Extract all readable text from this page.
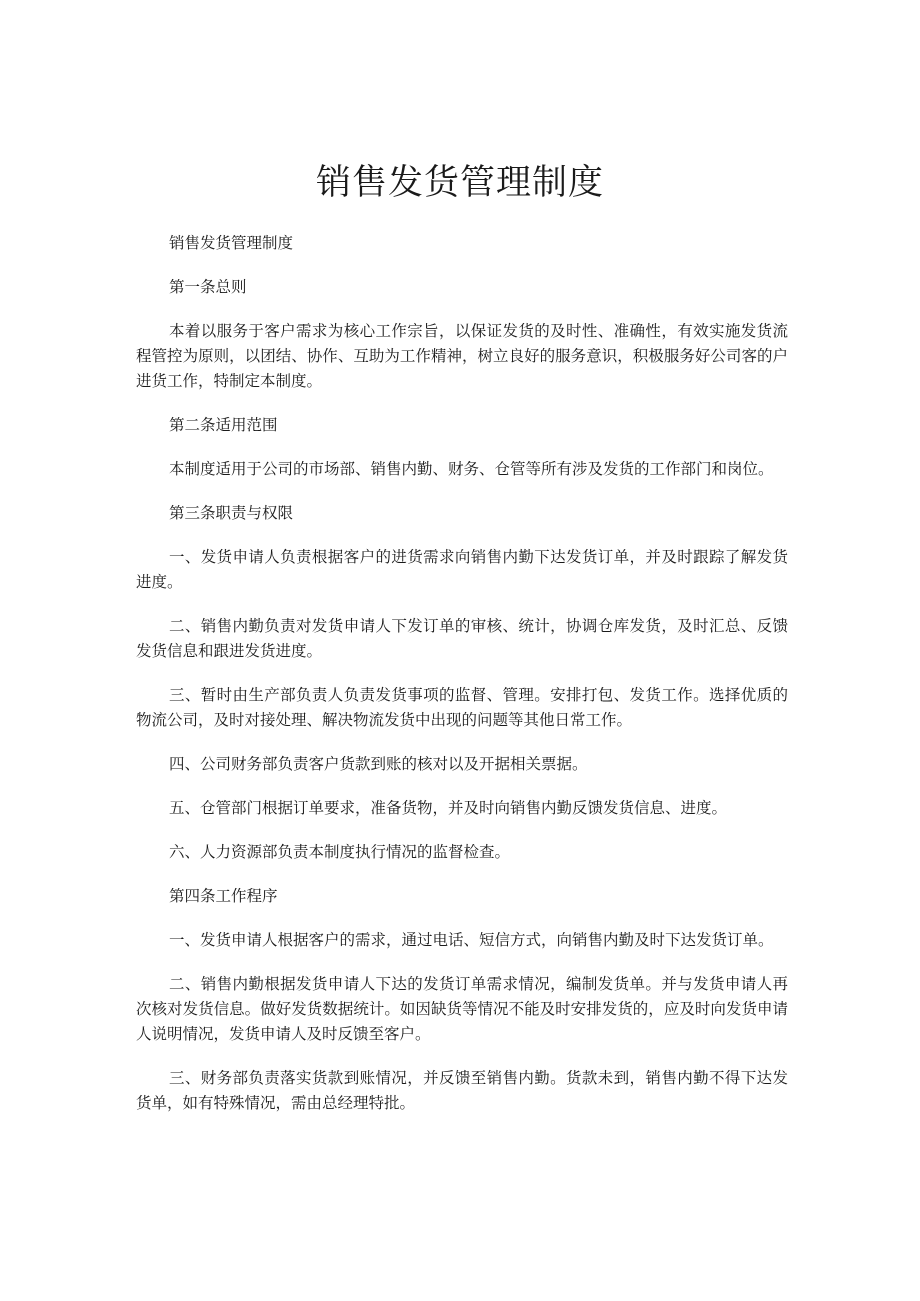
销售发货管理制度

销售发货管理制度

第一条总则

本着以服务于客户需求为核心工作宗旨，以保证发货的及时性、准确性，有效实施发货流程管控为原则，以团结、协作、互助为工作精神，树立良好的服务意识，积极服务好公司客的户进货工作，特制定本制度。

第二条适用范围

本制度适用于公司的市场部、销售内勤、财务、仓管等所有涉及发货的工作部门和岗位。

第三条职责与权限

一、发货申请人负责根据客户的进货需求向销售内勤下达发货订单，并及时跟踪了解发货进度。

二、销售内勤负责对发货申请人下发订单的审核、统计，协调仓库发货，及时汇总、反馈发货信息和跟进发货进度。

三、暂时由生产部负责人负责发货事项的监督、管理。安排打包、发货工作。选择优质的物流公司，及时对接处理、解决物流发货中出现的问题等其他日常工作。

四、公司财务部负责客户货款到账的核对以及开据相关票据。

五、仓管部门根据订单要求，准备货物，并及时向销售内勤反馈发货信息、进度。

六、人力资源部负责本制度执行情况的监督检查。

第四条工作程序

一、发货申请人根据客户的需求，通过电话、短信方式，向销售内勤及时下达发货订单。

二、销售内勤根据发货申请人下达的发货订单需求情况，编制发货单。并与发货申请人再次核对发货信息。做好发货数据统计。如因缺货等情况不能及时安排发货的，应及时向发货申请人说明情况，发货申请人及时反馈至客户。

三、财务部负责落实货款到账情况，并反馈至销售内勤。货款未到，销售内勤不得下达发货单，如有特殊情况，需由总经理特批。
